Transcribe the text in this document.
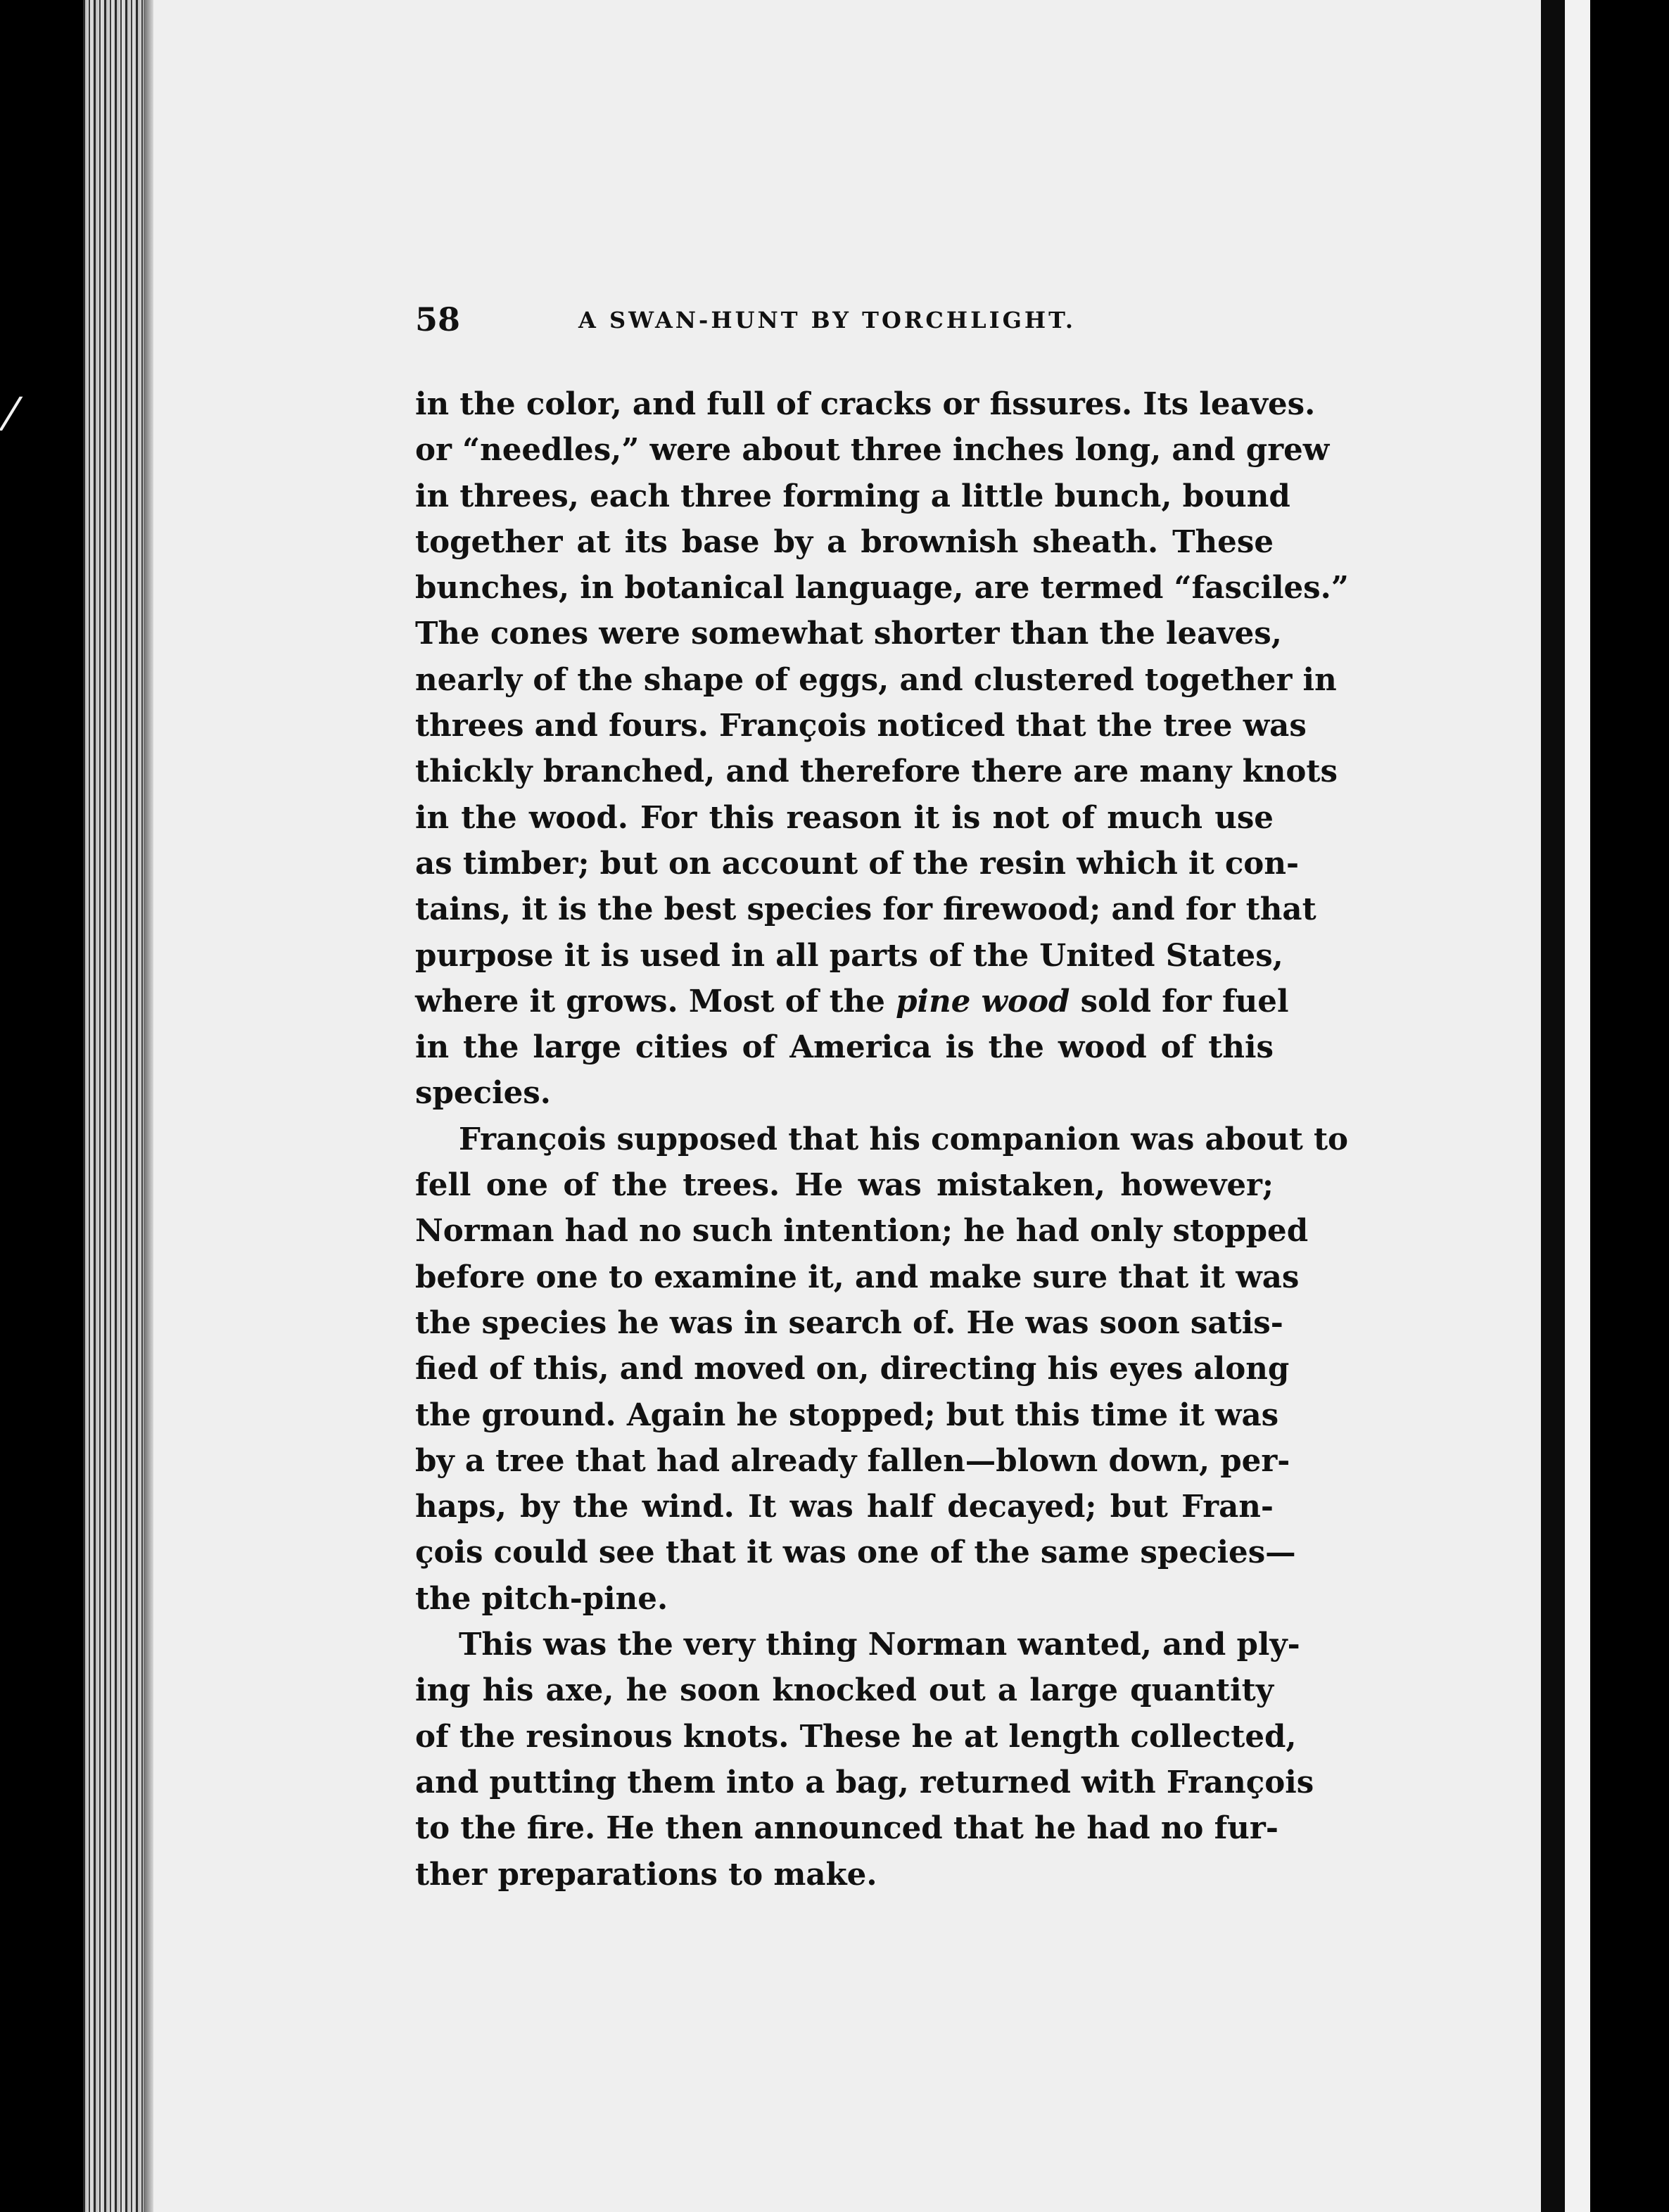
⁄
58	A SWAN-HUNT BY TORCHLIGHT.
in the color, and full of cracks or fissures. Its leaves.
or “needles,” were about three inches long, and grew
in threes, each three forming a little bunch, bound
together at its base by a brownish sheath. These
bunches, in botanical language, are termed “fasciles.”
The cones were somewhat shorter than the leaves,
nearly of the shape of eggs, and clustered together in
threes and fours. François noticed that the tree was
thickly branched, and therefore there are many knots
in the wood. For this reason it is not of much use
as timber; but on account of the resin which it con-
tains, it is the best species for firewood; and for that
purpose it is used in all parts of the United States,
where it grows. Most of the pine wood sold for fuel
in the large cities of America is the wood of this
species.
François supposed that his companion was about to
fell one of the trees. He was mistaken, however;
Norman had no such intention; he had only stopped
before one to examine it, and make sure that it was
the species he was in search of. He was soon satis-
fied of this, and moved on, directing his eyes along
the ground. Again he stopped; but this time it was
by a tree that had already fallen—blown down, per-
haps, by the wind. It was half decayed; but Fran-
çois could see that it was one of the same species—
the pitch-pine.
This was the very thing Norman wanted, and ply-
ing his axe, he soon knocked out a large quantity
of the resinous knots. These he at length collected,
and putting them into a bag, returned with François
to the fire. He then announced that he had no fur-
ther preparations to make.
